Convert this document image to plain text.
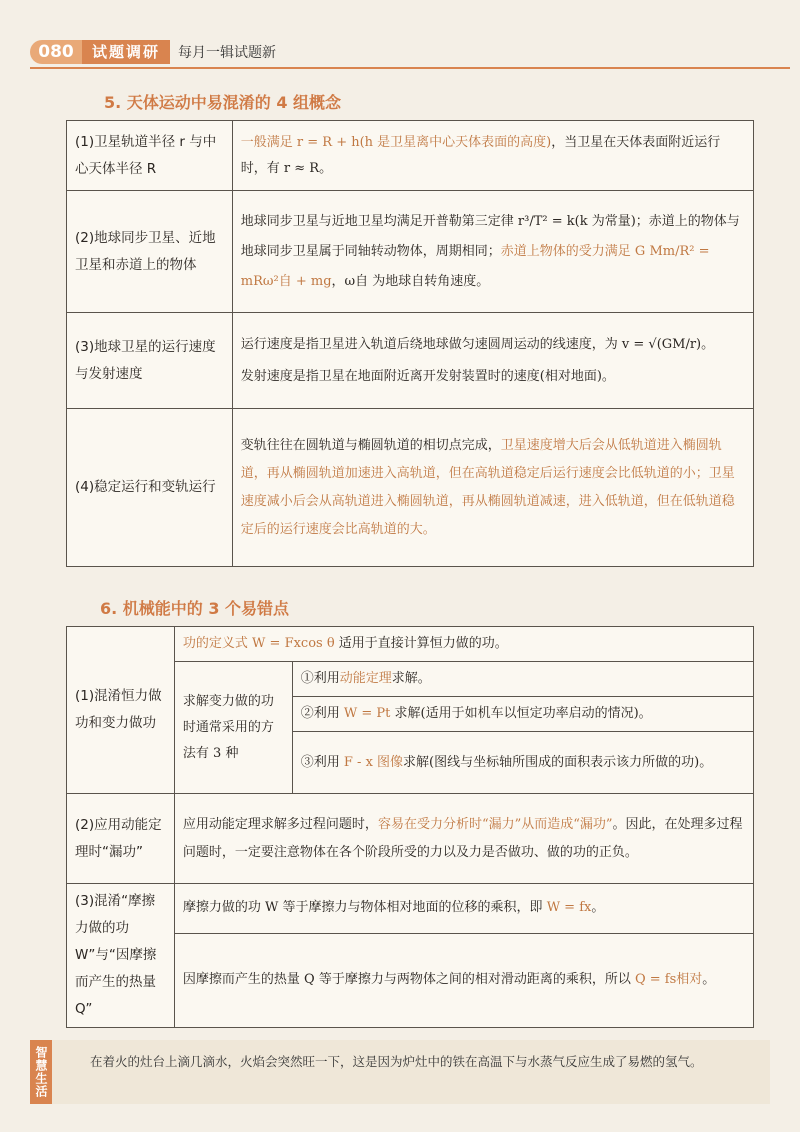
080	试题调研	每月一辑试题新
5. 天体运动中易混淆的 4 组概念
(1)卫星轨道半径 r 与中心天体半径 R	一般满足 r = R + h(h 是卫星离中心天体表面的高度)，当卫星在天体表面附近运行时，有 r ≈ R。
(2)地球同步卫星、近地卫星和赤道上的物体	地球同步卫星与近地卫星均满足开普勒第三定律 r³/T² = k(k 为常量)；赤道上的物体与地球同步卫星属于同轴转动物体，周期相同；赤道上物体的受力满足 G Mm/R² = mRω²自 + mg，ω自 为地球自转角速度。
(3)地球卫星的运行速度与发射速度	运行速度是指卫星进入轨道后绕地球做匀速圆周运动的线速度，为 v = √(GM/r)。
发射速度是指卫星在地面附近离开发射装置时的速度(相对地面)。

(4)稳定运行和变轨运行	变轨往往在圆轨道与椭圆轨道的相切点完成，卫星速度增大后会从低轨道进入椭圆轨道，再从椭圆轨道加速进入高轨道，但在高轨道稳定后运行速度会比低轨道的小；卫星速度减小后会从高轨道进入椭圆轨道，再从椭圆轨道减速，进入低轨道，但在低轨道稳定后的运行速度会比高轨道的大。
6. 机械能中的 3 个易错点
(1)混淆恒力做功和变力做功	功的定义式 W = Fxcos θ 适用于直接计算恒力做的功。	
	求解变力做的功时通常采用的方法有 3 种	①利用动能定理求解。
		②利用 W = Pt 求解(适用于如机车以恒定功率启动的情况)。
		③利用 F - x 图像求解(图线与坐标轴所围成的面积表示该力所做的功)。
(2)应用动能定理时“漏功”	应用动能定理求解多过程问题时，容易在受力分析时“漏力”从而造成“漏功”。因此，在处理多过程问题时，一定要注意物体在各个阶段所受的力以及力是否做功、做的功的正负。	
(3)混淆“摩擦力做的功 W”与“因摩擦而产生的热量 Q”	摩擦力做的功 W 等于摩擦力与物体相对地面的位移的乘积，即 W = fx。	
	因摩擦而产生的热量 Q 等于摩擦力与两物体之间的相对滑动距离的乘积，所以 Q = fs相对。	
智慧生活	在着火的灶台上滴几滴水，火焰会突然旺一下，这是因为炉灶中的铁在高温下与水蒸气反应生成了易燃的氢气。
